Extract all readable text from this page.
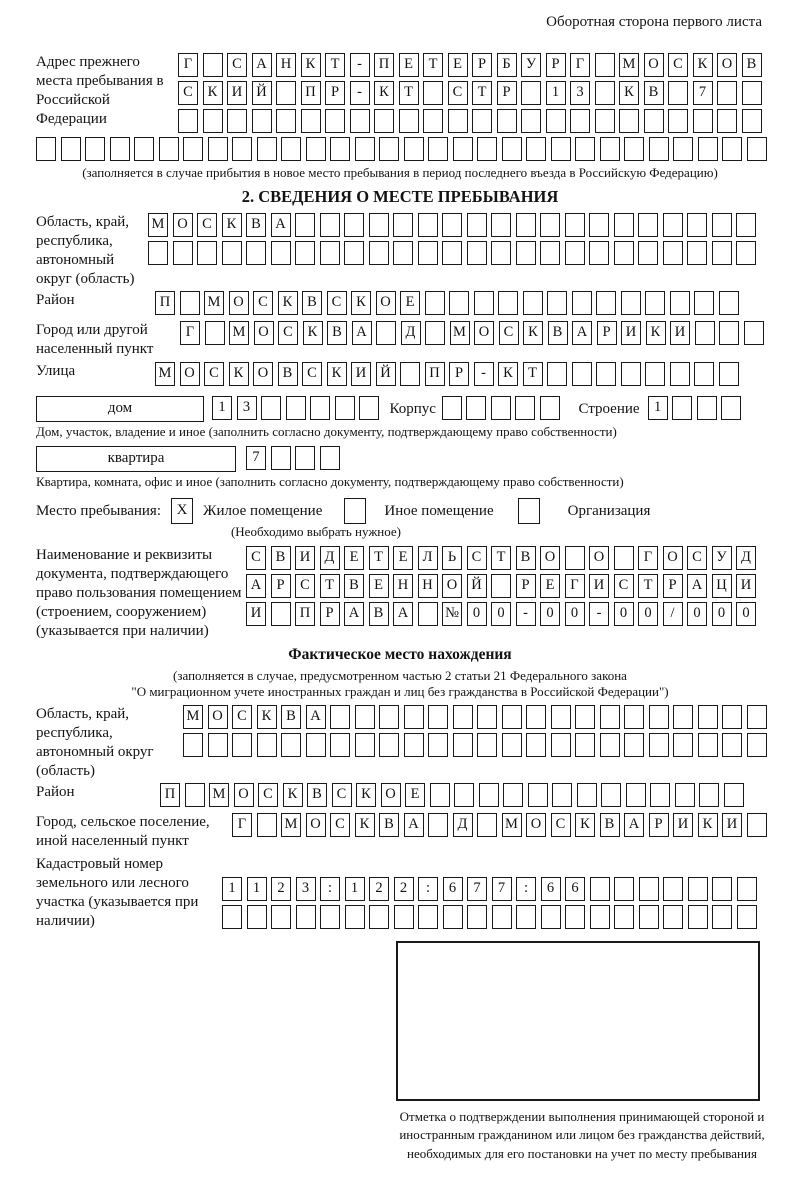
Оборотная сторона первого листа
Адрес прежнего места пребывания в Российской Федерации
Г	С А Н К Т - П Е Т Е Р Б У Р Г	М О С К О В
С К И Й	П Р - К Т	С Т Р	1 3	К В	7

(заполняется в случае прибытия в новое место пребывания в период последнего въезда в Российскую Федерацию)
2. СВЕДЕНИЯ О МЕСТЕ ПРЕБЫВАНИЯ
Область, край, республика, автономный округ (область)
М О С К В А

Район	П	М О С К В С К О Е
Город или другой населенный пункт
Г	М О С К В А	Д	М О С К В А Р И К И
Улица	М О С К О В С К И Й	П Р - К Т
дом	1 3	Корпус
	Строение 1
Дом, участок, владение и иное (заполнить согласно документу, подтверждающему право собственности)
квартира	7
Квартира, комната, офис и иное (заполнить согласно документу, подтверждающему право собственности)
Место пребывания:	X	Жилое помещение	Иное помещение	Организация
(Необходимо выбрать нужное)
Наименование и реквизиты документа, подтверждающего право пользования помещением (строением, сооружением) (указывается при наличии)
С В И Д Е Т Е Л Ь С Т В О	О	Г О С У Д
А Р С Т В Е Н Н О Й	Р Е Г И С Т Р А Ц И
И	П Р А В А	№ 0 0 - 0 0 - 0 0 / 0 0 0
Фактическое место нахождения
(заполняется в случае, предусмотренном частью 2 статьи 21 Федерального закона
"О миграционном учете иностранных граждан и лиц без гражданства в Российской Федерации")
Область, край, республика, автономный округ (область)
М О С К В А

Район	П	М О С К В С К О Е
Город, сельское поселение, иной населенный пункт
Г	М О С К В А	Д	М О С К В А Р И К И
Кадастровый номер земельного или лесного участка (указывается при наличии)
1 1 2 3 : 1 2 2 : 6 7 7 : 6 6

Отметка о подтверждении выполнения принимающей стороной и иностранным гражданином или лицом без гражданства действий, необходимых для его постановки на учет по месту пребывания
